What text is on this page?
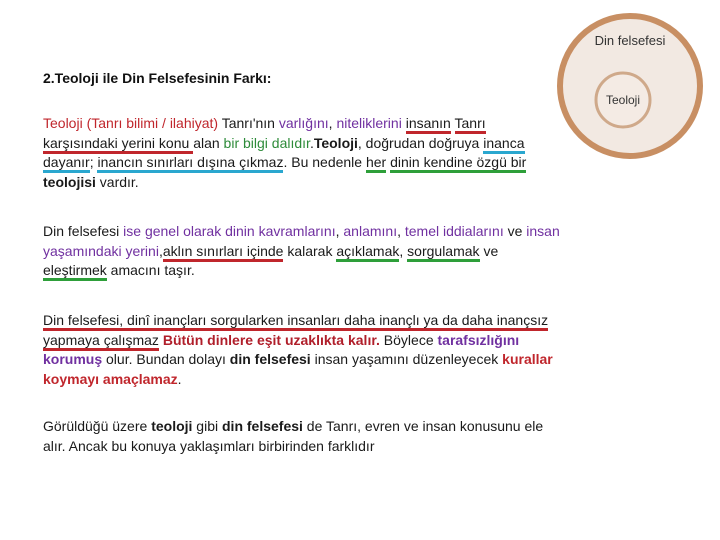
Din felsefesi
Teoloji
2.Teoloji ile Din Felsefesinin Farkı:
Teoloji (Tanrı bilimi / ilahiyat) Tanrı'nın varlığını, niteliklerini insanın Tanrı karşısındaki yerini konu alan bir bilgi dalıdır.Teoloji, doğrudan doğruya inanca dayanır; inancın sınırları dışına çıkmaz. Bu nedenle her dinin kendine özgü bir teolojisi vardır.
Din felsefesi ise genel olarak dinin kavramlarını, anlamını, temel iddialarını ve insan yaşamındaki yerini,aklın sınırları içinde kalarak açıklamak, sorgulamak ve eleştirmek amacını taşır.
Din felsefesi, dinî inançları sorgularken insanları daha inançlı ya da daha inançsız yapmaya çalışmaz Bütün dinlere eşit uzaklıkta kalır. Böylece tarafsızlığını korumuş olur. Bundan dolayı din felsefesi insan yaşamını düzenleyecek kurallar koymayı amaçlamaz.
Görüldüğü üzere teoloji gibi din felsefesi de Tanrı, evren ve insan konusunu ele alır. Ancak bu konuya yaklaşımları birbirinden farklıdır
